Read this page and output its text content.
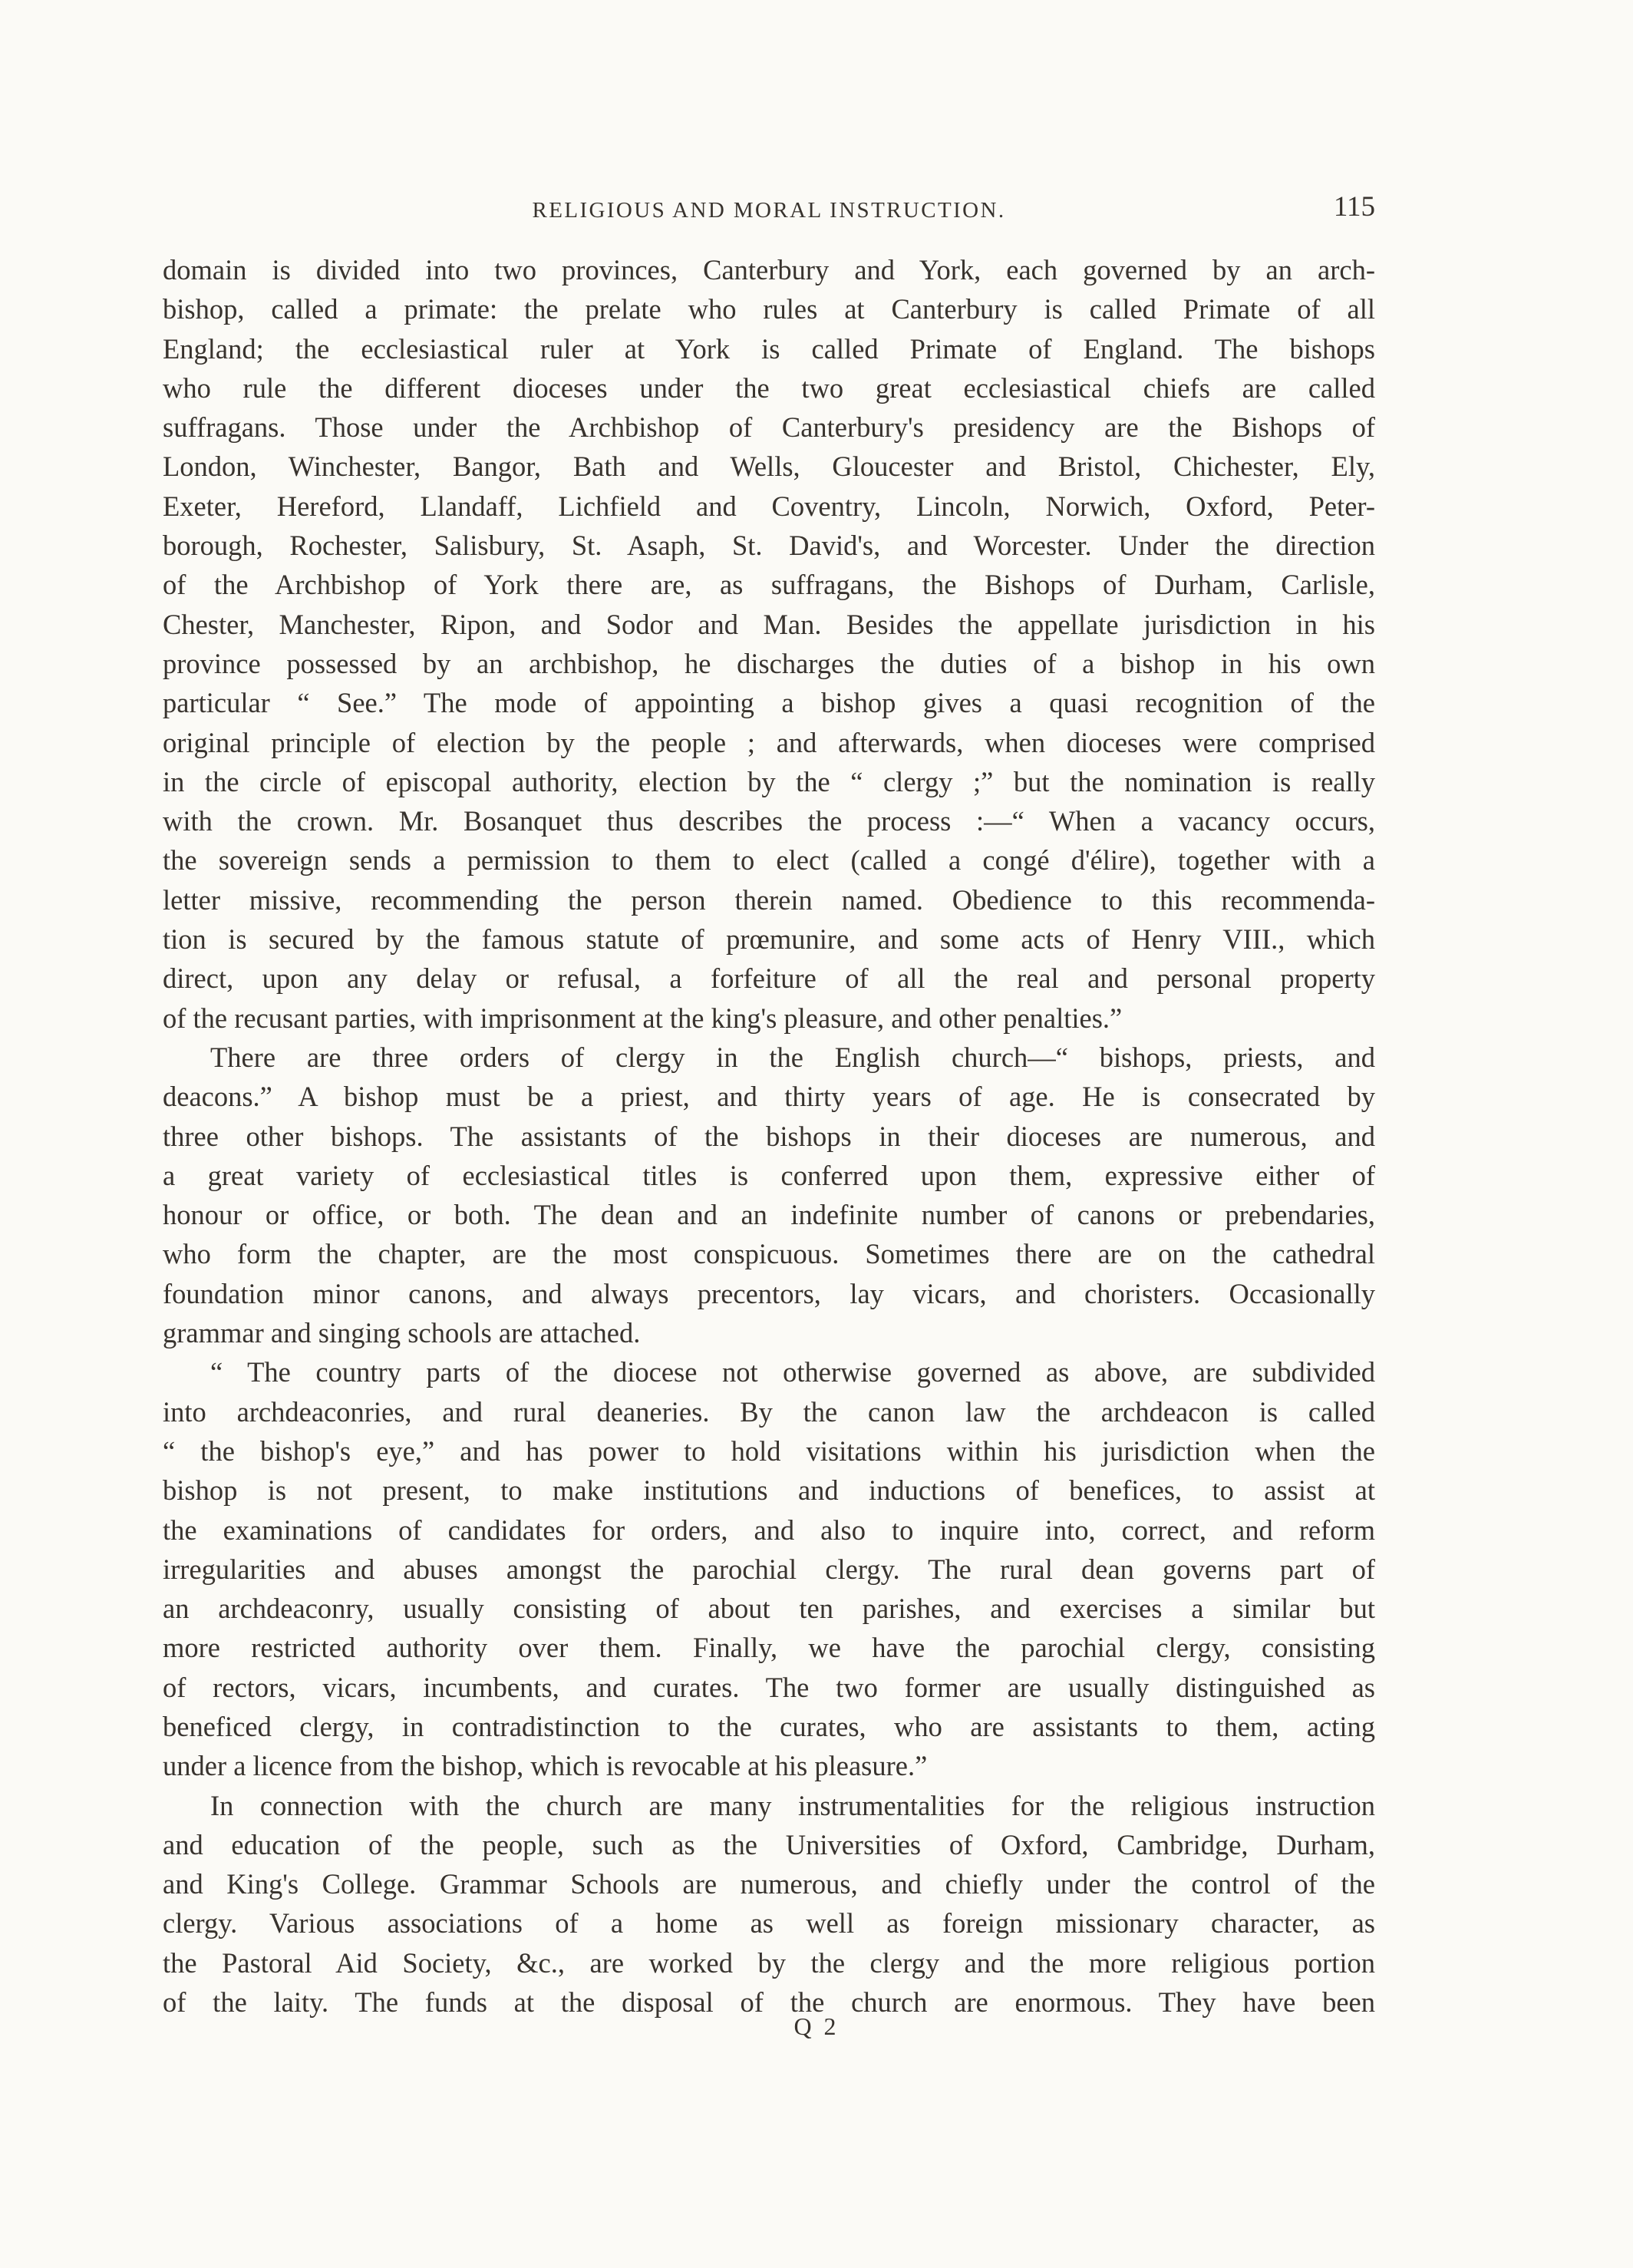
RELIGIOUS AND MORAL INSTRUCTION.	115
domain is divided into two provinces, Canterbury and York, each governed by an arch-
bishop, called a primate: the prelate who rules at Canterbury is called Primate of all
England; the ecclesiastical ruler at York is called Primate of England. The bishops
who rule the different dioceses under the two great ecclesiastical chiefs are called
suffragans. Those under the Archbishop of Canterbury's presidency are the Bishops of
London, Winchester, Bangor, Bath and Wells, Gloucester and Bristol, Chichester, Ely,
Exeter, Hereford, Llandaff, Lichfield and Coventry, Lincoln, Norwich, Oxford, Peter-
borough, Rochester, Salisbury, St. Asaph, St. David's, and Worcester. Under the direction
of the Archbishop of York there are, as suffragans, the Bishops of Durham, Carlisle,
Chester, Manchester, Ripon, and Sodor and Man. Besides the appellate jurisdiction in his
province possessed by an archbishop, he discharges the duties of a bishop in his own
particular “ See.” The mode of appointing a bishop gives a quasi recognition of the
original principle of election by the people ; and afterwards, when dioceses were comprised
in the circle of episcopal authority, election by the “ clergy ;” but the nomination is really
with the crown. Mr. Bosanquet thus describes the process :—“ When a vacancy occurs,
the sovereign sends a permission to them to elect (called a congé d'élire), together with a
letter missive, recommending the person therein named. Obedience to this recommenda-
tion is secured by the famous statute of prœmunire, and some acts of Henry VIII., which
direct, upon any delay or refusal, a forfeiture of all the real and personal property
of the recusant parties, with imprisonment at the king's pleasure, and other penalties.”
There are three orders of clergy in the English church—“ bishops, priests, and
deacons.” A bishop must be a priest, and thirty years of age. He is consecrated by
three other bishops. The assistants of the bishops in their dioceses are numerous, and
a great variety of ecclesiastical titles is conferred upon them, expressive either of
honour or office, or both. The dean and an indefinite number of canons or prebendaries,
who form the chapter, are the most conspicuous. Sometimes there are on the cathedral
foundation minor canons, and always precentors, lay vicars, and choristers. Occasionally
grammar and singing schools are attached.
“ The country parts of the diocese not otherwise governed as above, are subdivided
into archdeaconries, and rural deaneries. By the canon law the archdeacon is called
“ the bishop's eye,” and has power to hold visitations within his jurisdiction when the
bishop is not present, to make institutions and inductions of benefices, to assist at
the examinations of candidates for orders, and also to inquire into, correct, and reform
irregularities and abuses amongst the parochial clergy. The rural dean governs part of
an archdeaconry, usually consisting of about ten parishes, and exercises a similar but
more restricted authority over them. Finally, we have the parochial clergy, consisting
of rectors, vicars, incumbents, and curates. The two former are usually distinguished as
beneficed clergy, in contradistinction to the curates, who are assistants to them, acting
under a licence from the bishop, which is revocable at his pleasure.”
In connection with the church are many instrumentalities for the religious instruction
and education of the people, such as the Universities of Oxford, Cambridge, Durham,
and King's College. Grammar Schools are numerous, and chiefly under the control of the
clergy. Various associations of a home as well as foreign missionary character, as
the Pastoral Aid Society, &c., are worked by the clergy and the more religious portion
of the laity. The funds at the disposal of the church are enormous. They have been
Q 2
